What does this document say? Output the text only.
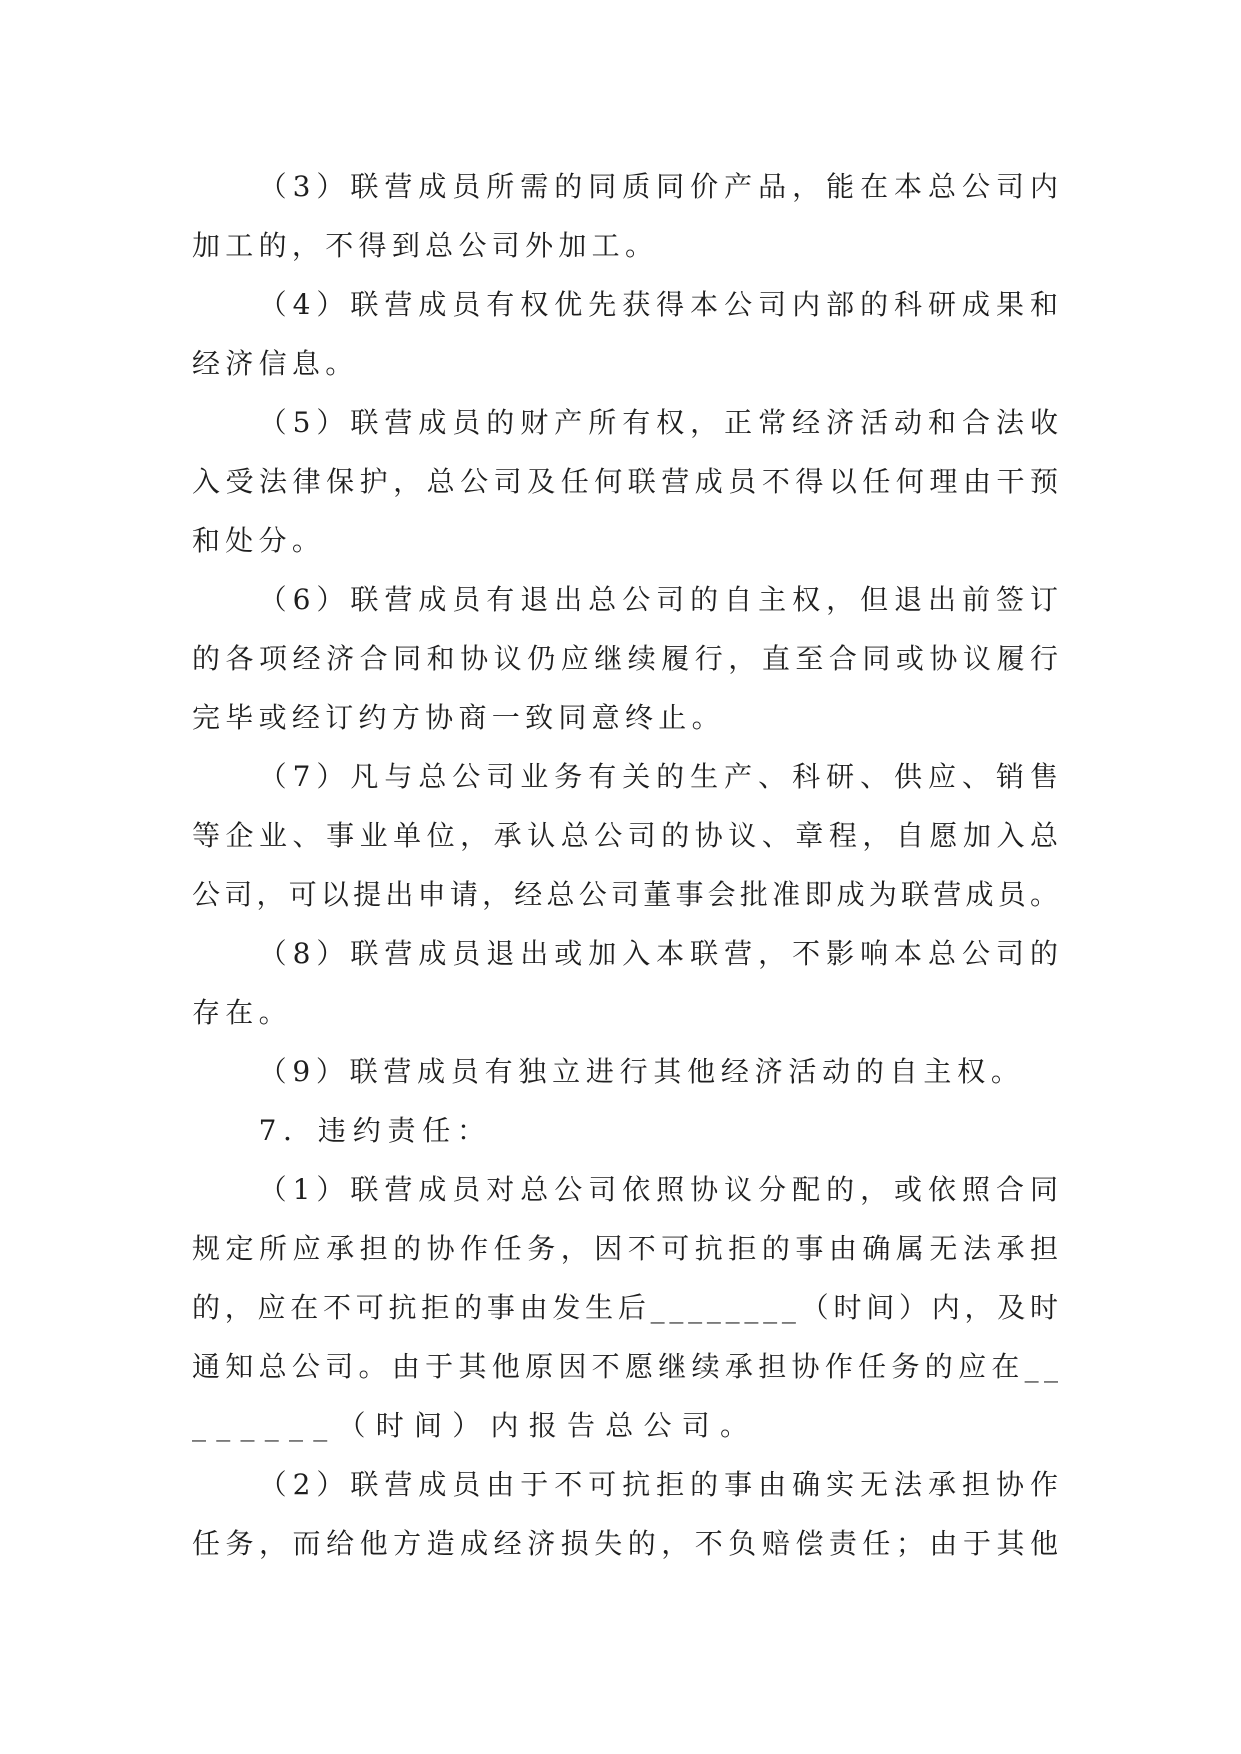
（3）联营成员所需的同质同价产品，能在本总公司内
加工的，不得到总公司外加工。
（4）联营成员有权优先获得本公司内部的科研成果和
经济信息。
（5）联营成员的财产所有权，正常经济活动和合法收
入受法律保护，总公司及任何联营成员不得以任何理由干预
和处分。
（6）联营成员有退出总公司的自主权，但退出前签订
的各项经济合同和协议仍应继续履行，直至合同或协议履行
完毕或经订约方协商一致同意终止。
（7）凡与总公司业务有关的生产、科研、供应、销售
等企业、事业单位，承认总公司的协议、章程，自愿加入总
公司，可以提出申请，经总公司董事会批准即成为联营成员。
（8）联营成员退出或加入本联营，不影响本总公司的
存在。
（9）联营成员有独立进行其他经济活动的自主权。
7．违约责任：
（1）联营成员对总公司依照协议分配的，或依照合同
规定所应承担的协作任务，因不可抗拒的事由确属无法承担
的，应在不可抗拒的事由发生后________（时间）内，及时
通知总公司。由于其他原因不愿继续承担协作任务的应在__
______（时间）内报告总公司。
（2）联营成员由于不可抗拒的事由确实无法承担协作
任务，而给他方造成经济损失的，不负赔偿责任；由于其他
